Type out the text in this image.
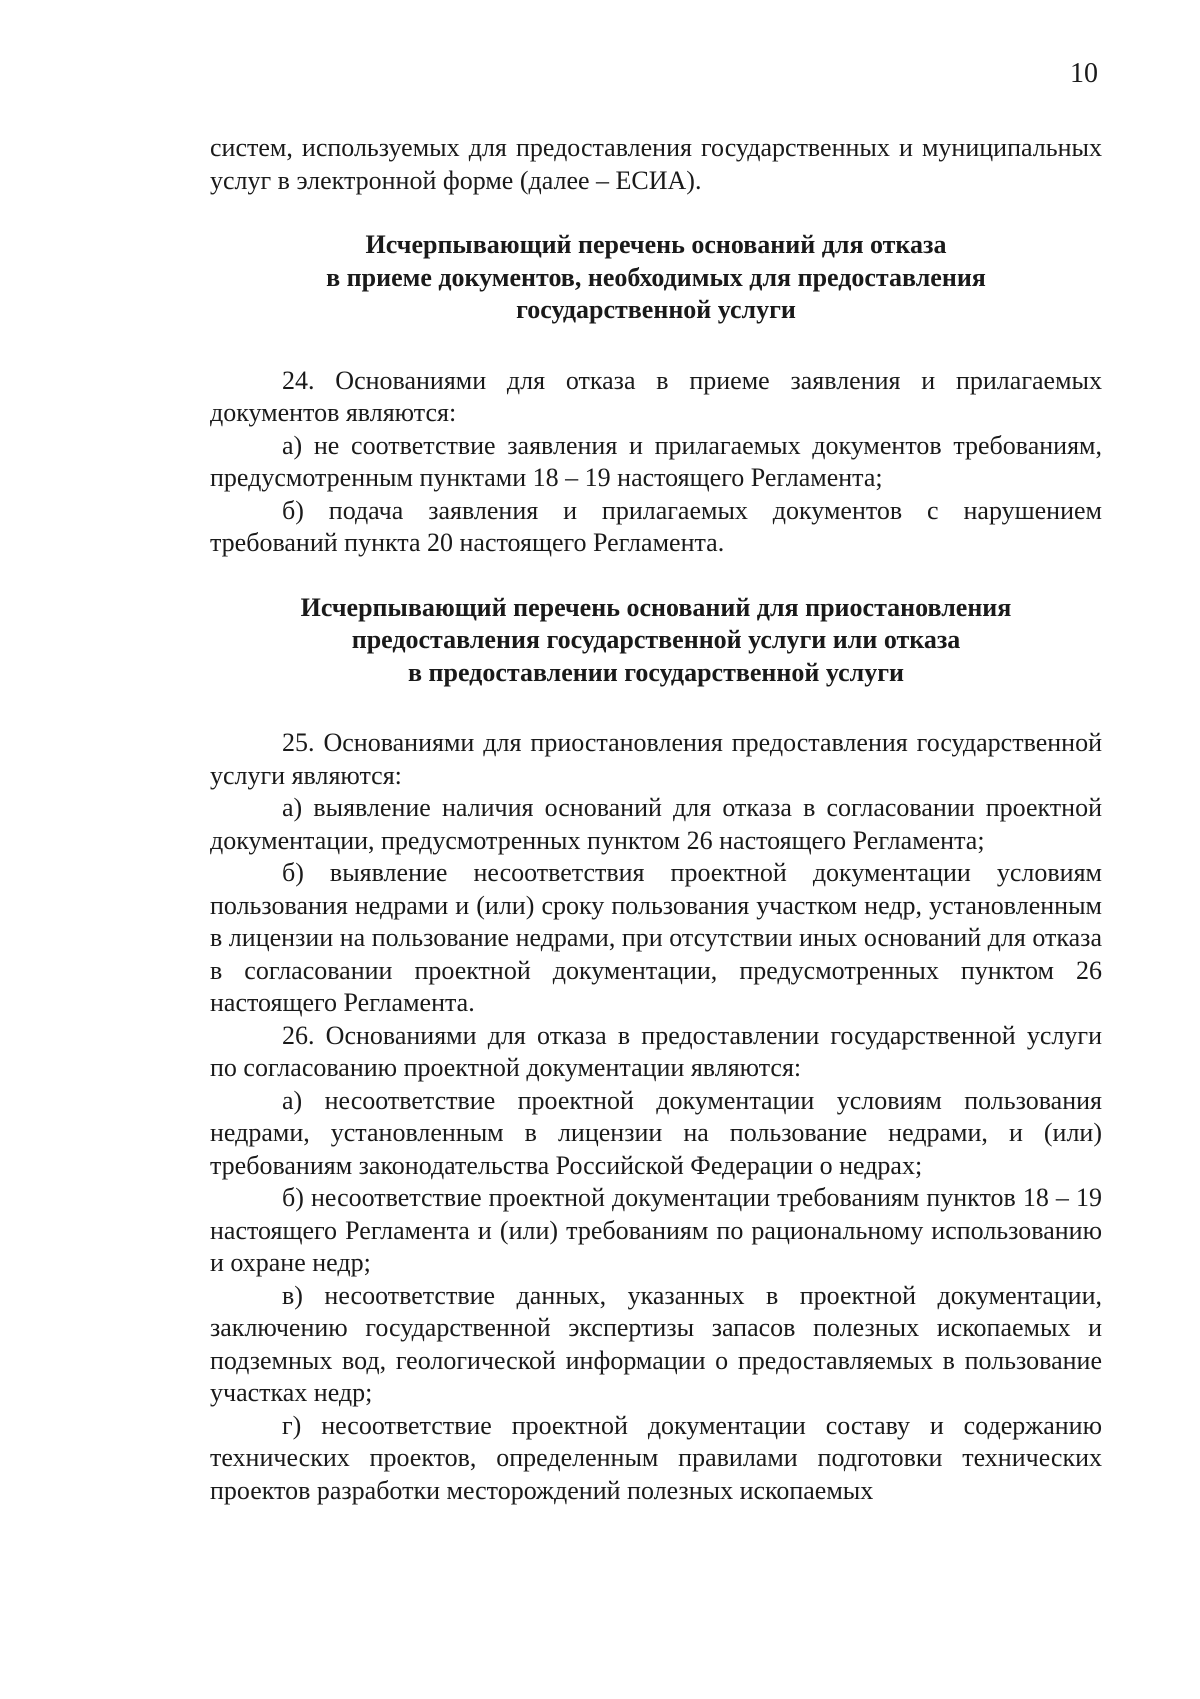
10

систем, используемых для предоставления государственных и муниципальных услуг в электронной форме (далее – ЕСИА).

Исчерпывающий перечень оснований для отказа
в приеме документов, необходимых для предоставления
государственной услуги

24. Основаниями для отказа в приеме заявления и прилагаемых документов являются:

а) не соответствие заявления и прилагаемых документов требованиям, предусмотренным пунктами 18 – 19 настоящего Регламента;

б) подача заявления и прилагаемых документов с нарушением требований пункта 20 настоящего Регламента.

Исчерпывающий перечень оснований для приостановления
предоставления государственной услуги или отказа
в предоставлении государственной услуги

25. Основаниями для приостановления предоставления государственной услуги являются:

а) выявление наличия оснований для отказа в согласовании проектной документации, предусмотренных пунктом 26 настоящего Регламента;

б) выявление несоответствия проектной документации условиям пользования недрами и (или) сроку пользования участком недр, установленным в лицензии на пользование недрами, при отсутствии иных оснований для отказа в согласовании проектной документации, предусмотренных пунктом 26 настоящего Регламента.

26. Основаниями для отказа в предоставлении государственной услуги по согласованию проектной документации являются:

а) несоответствие проектной документации условиям пользования недрами, установленным в лицензии на пользование недрами, и (или) требованиям законодательства Российской Федерации о недрах;

б) несоответствие проектной документации требованиям пунктов 18 – 19 настоящего Регламента и (или) требованиям по рациональному использованию и охране недр;

в) несоответствие данных, указанных в проектной документации, заключению государственной экспертизы запасов полезных ископаемых и подземных вод, геологической информации о предоставляемых в пользование участках недр;

г) несоответствие проектной документации составу и содержанию технических проектов, определенным правилами подготовки технических проектов разработки месторождений полезных ископаемых
